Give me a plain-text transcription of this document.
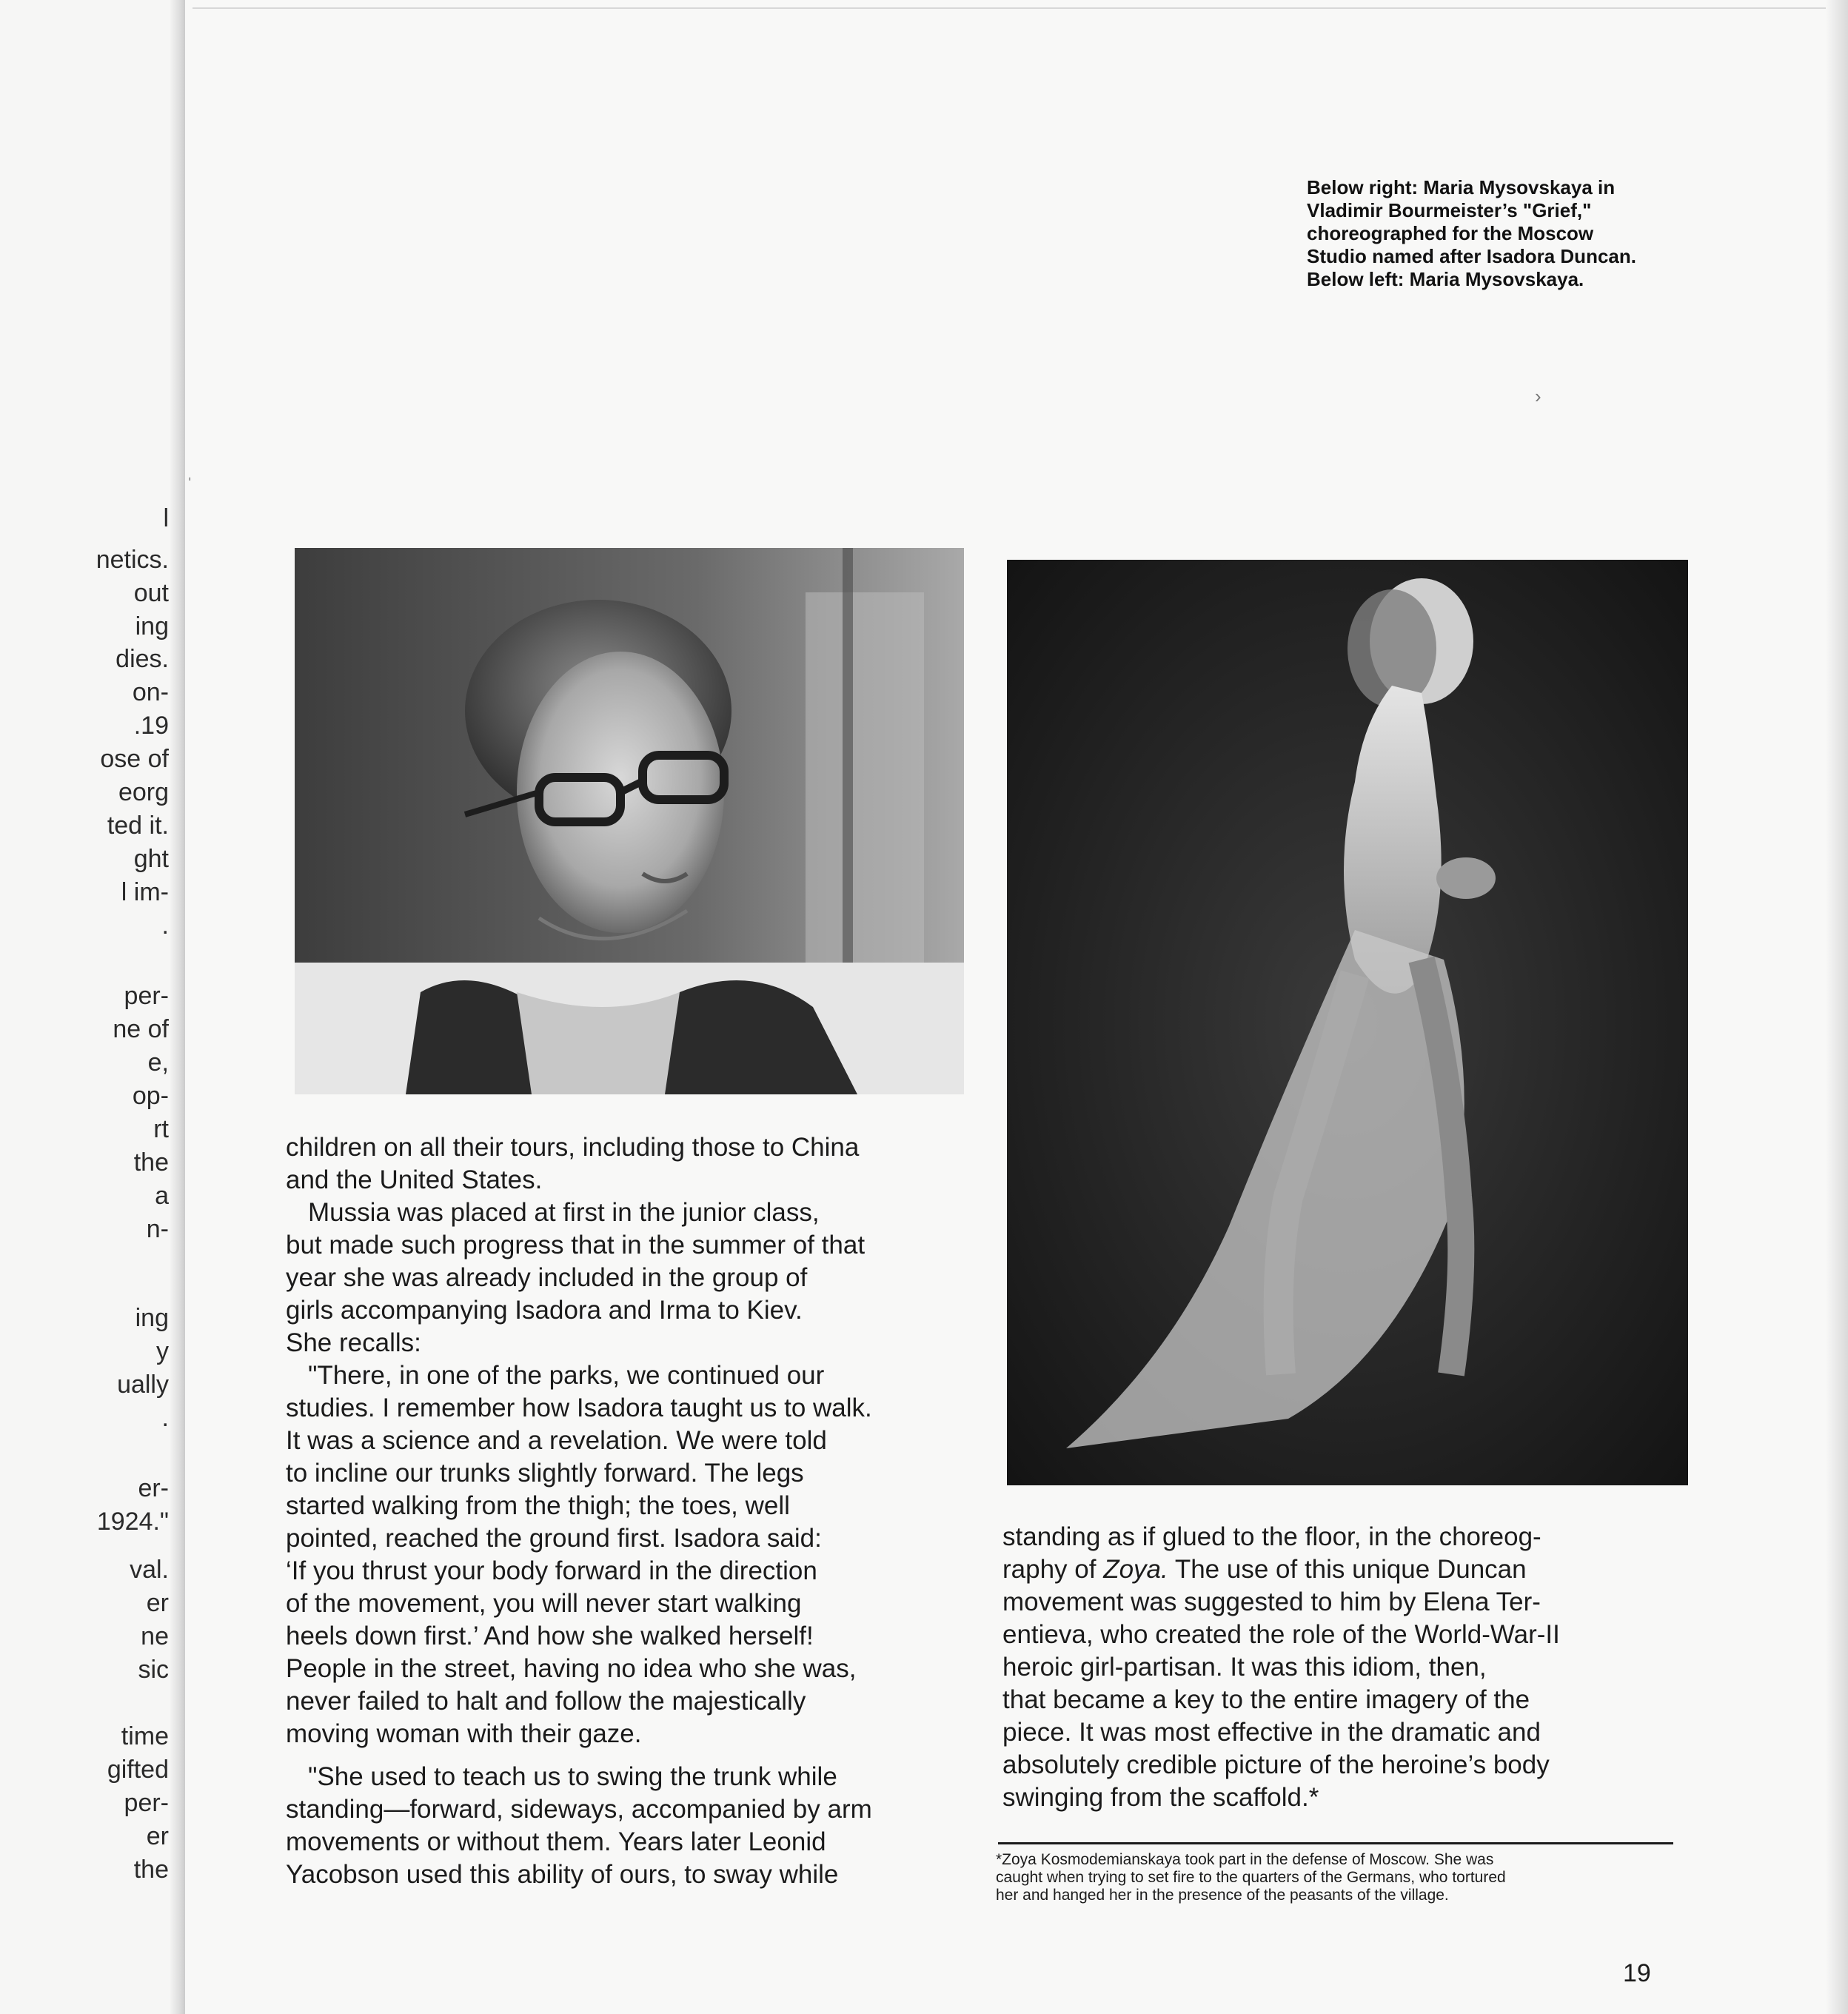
l
netics.
out
ing
dies.
on-
.19
ose of
eorg
ted it.
ght
l im-
.
per-
ne of
e,
op-
rt
the
a
n-
ing
y
ually
.
er-
1924."
val.
er
ne
sic
time
gifted
per-
er
the
ˌ
›

Below right: Maria Mysovskaya in

Vladimir Bourmeister’s "Grief,"

choreographed for the Moscow

Studio named after Isadora Duncan.

Below left: Maria Mysovskaya.

children on all their tours, including those to China

and the United States.

Mussia was placed at first in the junior class,

but made such progress that in the summer of that

year she was already included in the group of

girls accompanying Isadora and Irma to Kiev.

She recalls:

"There, in one of the parks, we continued our

studies. I remember how Isadora taught us to walk.

It was a science and a revelation. We were told

to incline our trunks slightly forward. The legs

started walking from the thigh; the toes, well

pointed, reached the ground first. Isadora said:

‘If you thrust your body forward in the direction

of the movement, you will never start walking

heels down first.’ And how she walked herself!

People in the street, having no idea who she was,

never failed to halt and follow the majestically

moving woman with their gaze.

"She used to teach us to swing the trunk while

standing—forward, sideways, accompanied by arm

movements or without them. Years later Leonid

Yacobson used this ability of ours, to sway while

standing as if glued to the floor, in the choreog-

raphy of Zoya. The use of this unique Duncan

movement was suggested to him by Elena Ter-

entieva, who created the role of the World-War-II

heroic girl-partisan. It was this idiom, then,

that became a key to the entire imagery of the

piece. It was most effective in the dramatic and

absolutely credible picture of the heroine’s body

swinging from the scaffold.*

*Zoya Kosmodemianskaya took part in the defense of Moscow. She was

caught when trying to set fire to the quarters of the Germans, who tortured

her and hanged her in the presence of the peasants of the village.

19
